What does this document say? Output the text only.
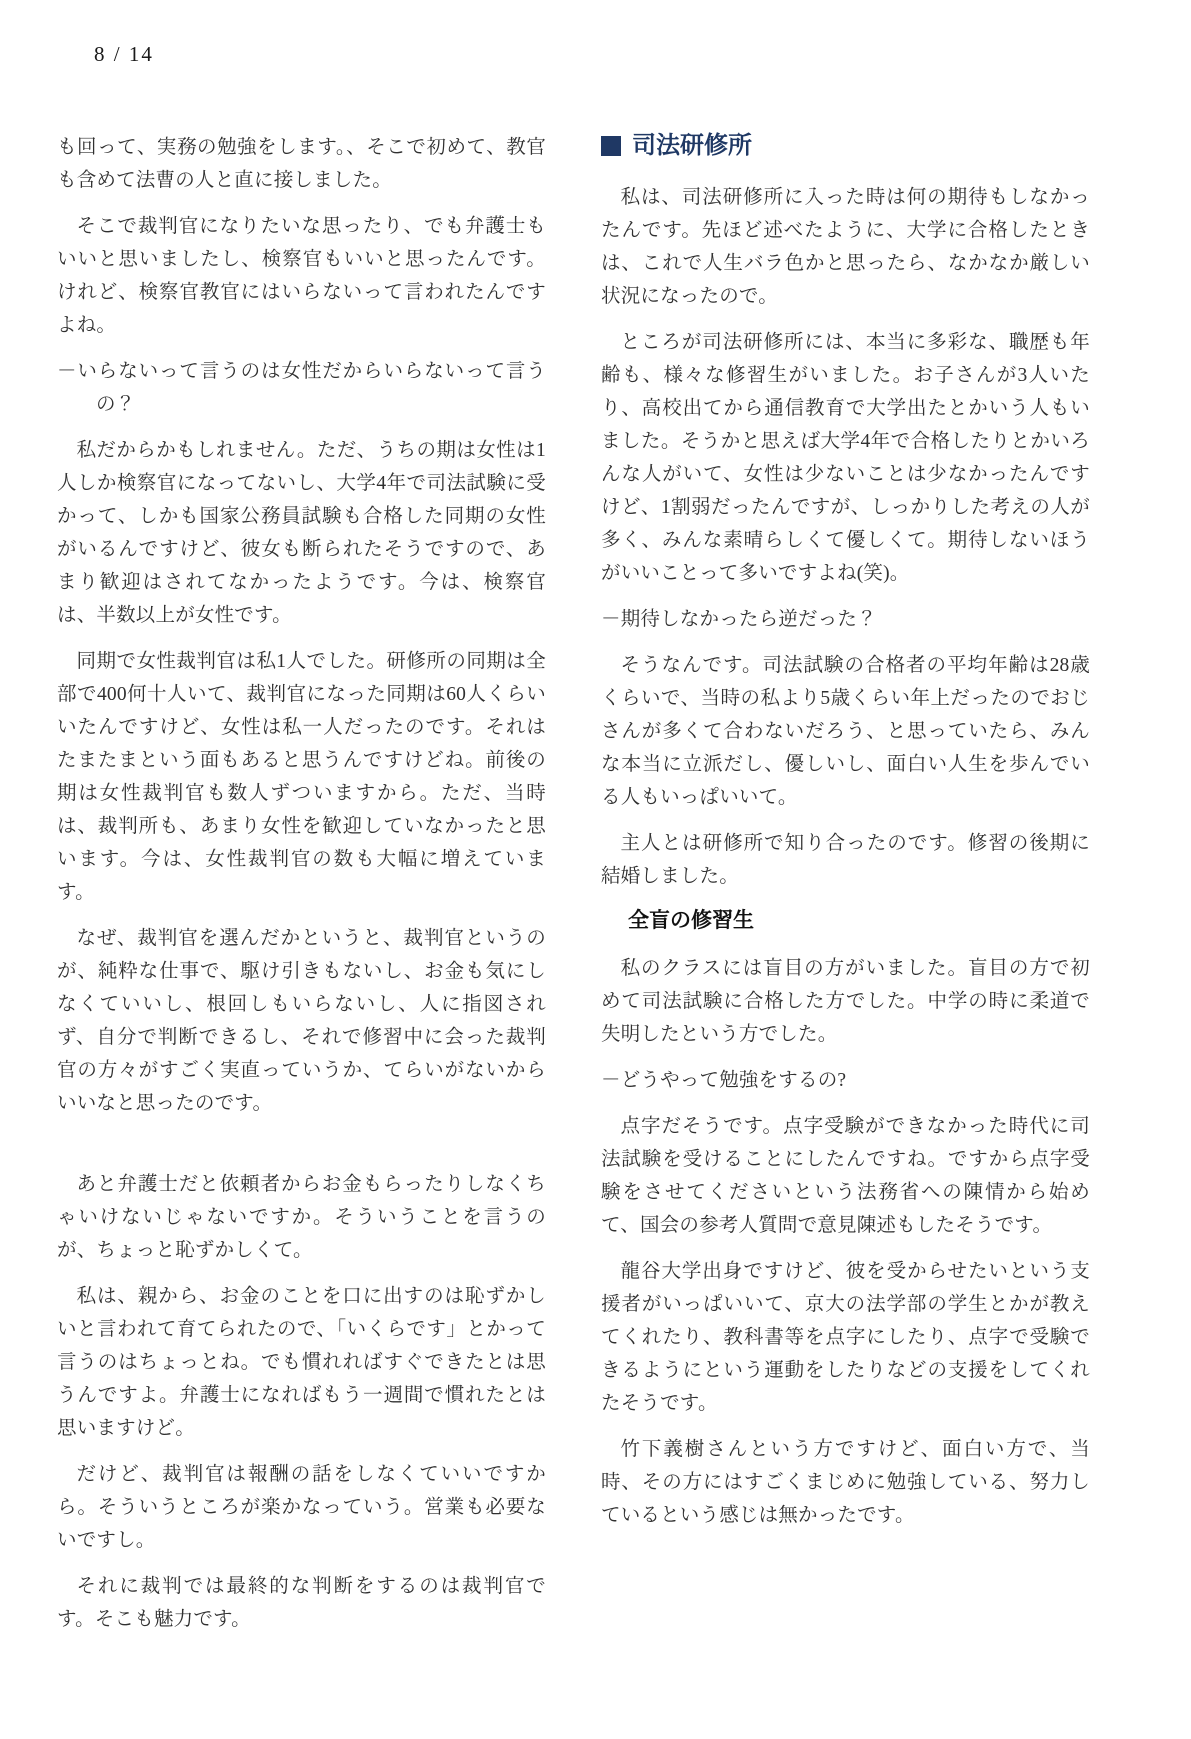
8 / 14

も回って、実務の勉強をします。、そこで初めて、教官も含めて法曹の人と直に接しました。

そこで裁判官になりたいな思ったり、でも弁護士もいいと思いましたし、検察官もいいと思ったんです。けれど、検察官教官にはいらないって言われたんですよね。

－いらないって言うのは女性だからいらないって言うの？

私だからかもしれません。ただ、うちの期は女性は1人しか検察官になってないし、大学4年で司法試験に受かって、しかも国家公務員試験も合格した同期の女性がいるんですけど、彼女も断られたそうですので、あまり歓迎はされてなかったようです。今は、検察官は、半数以上が女性です。

同期で女性裁判官は私1人でした。研修所の同期は全部で400何十人いて、裁判官になった同期は60人くらいいたんですけど、女性は私一人だったのです。それはたまたまという面もあると思うんですけどね。前後の期は女性裁判官も数人ずついますから。ただ、当時は、裁判所も、あまり女性を歓迎していなかったと思います。今は、女性裁判官の数も大幅に増えています。

なぜ、裁判官を選んだかというと、裁判官というのが、純粋な仕事で、駆け引きもないし、お金も気にしなくていいし、根回しもいらないし、人に指図されず、自分で判断できるし、それで修習中に会った裁判官の方々がすごく実直っていうか、てらいがないからいいなと思ったのです。

あと弁護士だと依頼者からお金もらったりしなくちゃいけないじゃないですか。そういうことを言うのが、ちょっと恥ずかしくて。

私は、親から、お金のことを口に出すのは恥ずかしいと言われて育てられたので、「いくらです」とかって言うのはちょっとね。でも慣れればすぐできたとは思うんですよ。弁護士になればもう一週間で慣れたとは思いますけど。

だけど、裁判官は報酬の話をしなくていいですから。そういうところが楽かなっていう。営業も必要ないですし。

それに裁判では最終的な判断をするのは裁判官です。そこも魅力です。

司法研修所

私は、司法研修所に入った時は何の期待もしなかったんです。先ほど述べたように、大学に合格したときは、これで人生バラ色かと思ったら、なかなか厳しい状況になったので。

ところが司法研修所には、本当に多彩な、職歴も年齢も、様々な修習生がいました。お子さんが3人いたり、高校出てから通信教育で大学出たとかいう人もいました。そうかと思えば大学4年で合格したりとかいろんな人がいて、女性は少ないことは少なかったんですけど、1割弱だったんですが、しっかりした考えの人が多く、みんな素晴らしくて優しくて。期待しないほうがいいことって多いですよね(笑)。

－期待しなかったら逆だった？

そうなんです。司法試験の合格者の平均年齢は28歳くらいで、当時の私より5歳くらい年上だったのでおじさんが多くて合わないだろう、と思っていたら、みんな本当に立派だし、優しいし、面白い人生を歩んでいる人もいっぱいいて。

主人とは研修所で知り合ったのです。修習の後期に結婚しました。

全盲の修習生

私のクラスには盲目の方がいました。盲目の方で初めて司法試験に合格した方でした。中学の時に柔道で失明したという方でした。

－どうやって勉強をするの?

点字だそうです。点字受験ができなかった時代に司法試験を受けることにしたんですね。ですから点字受験をさせてくださいという法務省への陳情から始めて、国会の参考人質問で意見陳述もしたそうです。

龍谷大学出身ですけど、彼を受からせたいという支援者がいっぱいいて、京大の法学部の学生とかが教えてくれたり、教科書等を点字にしたり、点字で受験できるようにという運動をしたりなどの支援をしてくれたそうです。

竹下義樹さんという方ですけど、面白い方で、当時、その方にはすごくまじめに勉強している、努力しているという感じは無かったです。
